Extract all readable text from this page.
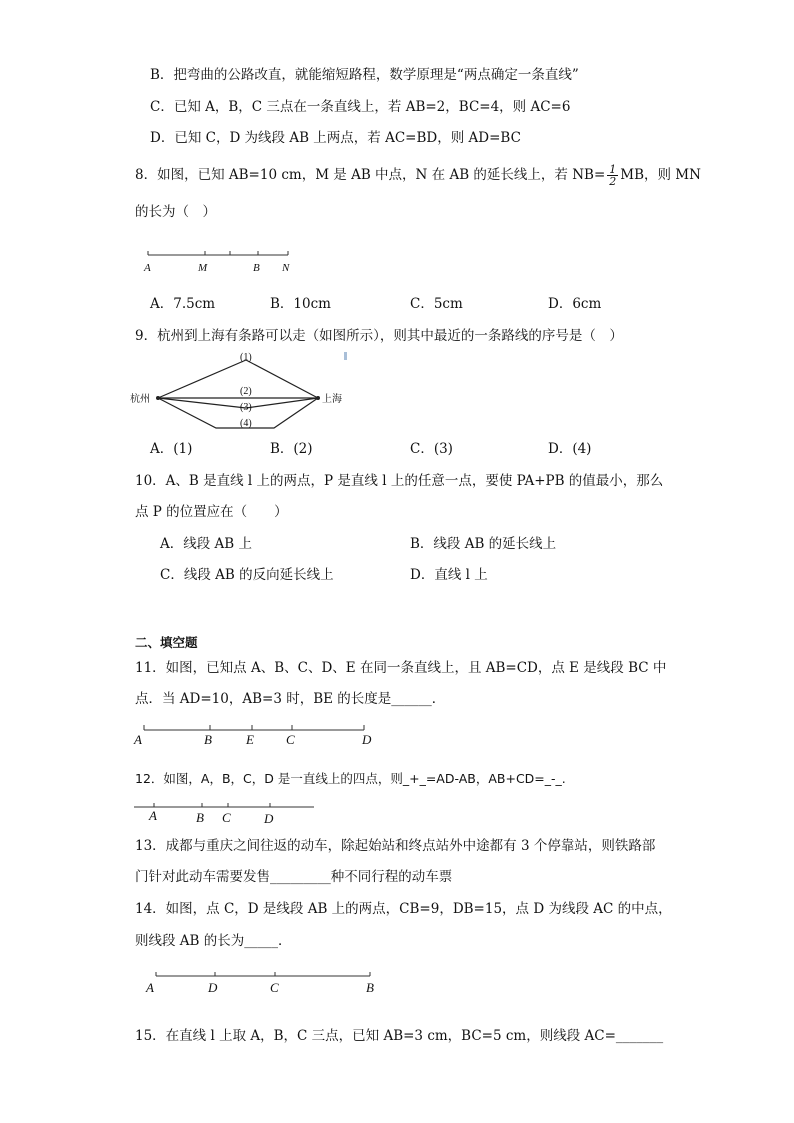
B．把弯曲的公路改直，就能缩短路程，数学原理是“两点确定一条直线”
C．已知 A，B，C 三点在一条直线上，若 AB=2，BC=4，则 AC=6
D．已知 C，D 为线段 AB 上两点，若 AC=BD，则 AD=BC
8．如图，已知 AB=10 cm，M 是 AB 中点，N 在 AB 的延长线上，若 $NB= \frac{1}{2}$ MB，则 MN
的长为（　）
A	M	B N
A．7.5cm	B．10cm	C．5cm	D．6cm
9．杭州到上海有条路可以走（如图所示），则其中最近的一条路线的序号是（　）
(1)
(2)
(3)
(4)
杭州	上海
A．(1)	B．(2)	C．(3)	D．(4)
10．A、B 是直线 l 上的两点，P 是直线 l 上的任意一点，要使 PA+PB 的值最小，那么
点 P 的位置应在（　　）
A．线段 AB 上	B．线段 AB 的延长线上
C．线段 AB 的反向延长线上	D．直线 l 上
二、填空题
11．如图，已知点 A、B、C、D、E 在同一条直线上，且 AB=CD，点 E 是线段 BC 中
点．当 AD=10，AB=3 时，BE 的长度是______．
A	B	E C	D
12．如图，A，B，C，D 是一直线上的四点，则_+_=AD-AB，AB+CD=_-_.
A	B C	D
13．成都与重庆之间往返的动车，除起始站和终点站外中途都有 3 个停靠站，则铁路部
门针对此动车需要发售_________种不同行程的动车票
14．如图，点 C，D 是线段 AB 上的两点，CB=9，DB=15，点 D 为线段 AC 的中点，
则线段 AB 的长为_____．
A	D	C	B
15．在直线 l 上取 A，B，C 三点，已知 AB=3 cm，BC=5 cm，则线段 AC=_______
